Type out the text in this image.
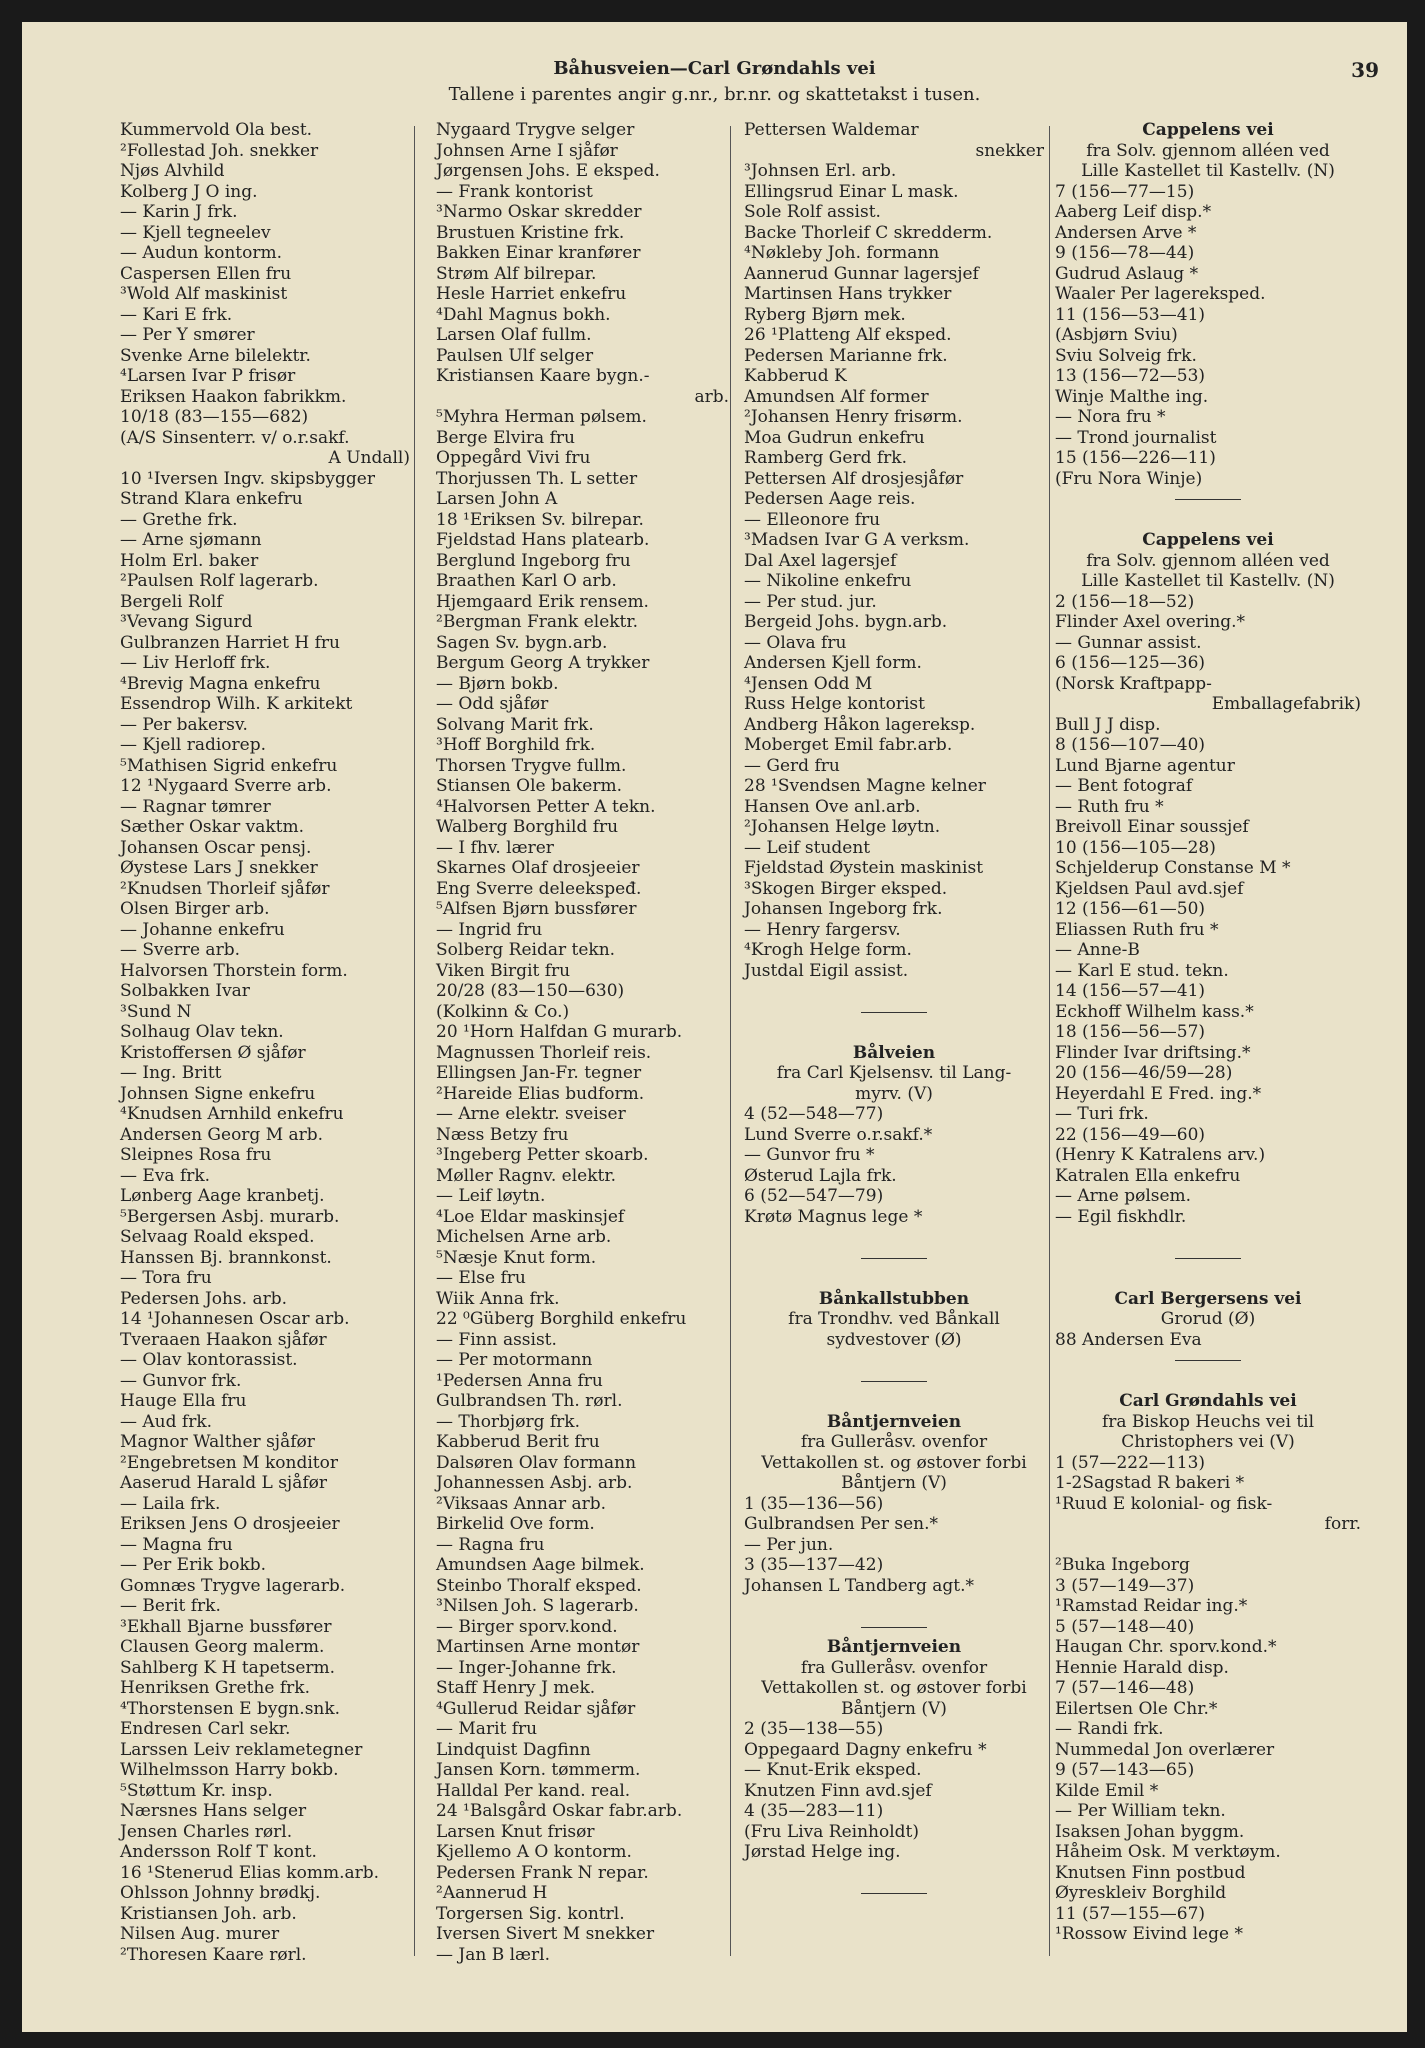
Båhusveien—Carl Grøndahls vei
Tallene i parentes angir g.nr., br.nr. og skattetakst i tusen.
39
Kummervold Ola best.
²Follestad Joh. snekker
Njøs Alvhild
Kolberg J O ing.
— Karin J frk.
— Kjell tegneelev
— Audun kontorm.
Caspersen Ellen fru
³Wold Alf maskinist
— Kari E frk.
— Per Y smører
Svenke Arne bilelektr.
⁴Larsen Ivar P frisør
Eriksen Haakon fabrikkm.
10/18 (83—155—682)
(A/S Sinsenterr. v/ o.r.sakf.
A Undall)
10 ¹Iversen Ingv. skipsbygger
Strand Klara enkefru
— Grethe frk.
— Arne sjømann
Holm Erl. baker
²Paulsen Rolf lagerarb.
Bergeli Rolf
³Vevang Sigurd
Gulbranzen Harriet H fru
— Liv Herloff frk.
⁴Brevig Magna enkefru
Essendrop Wilh. K arkitekt
— Per bakersv.
— Kjell radiorep.
⁵Mathisen Sigrid enkefru
12 ¹Nygaard Sverre arb.
— Ragnar tømrer
Sæther Oskar vaktm.
Johansen Oscar pensj.
Øystese Lars J snekker
²Knudsen Thorleif sjåfør
Olsen Birger arb.
— Johanne enkefru
— Sverre arb.
Halvorsen Thorstein form.
Solbakken Ivar
³Sund N
Solhaug Olav tekn.
Kristoffersen Ø sjåfør
— Ing. Britt
Johnsen Signe enkefru
⁴Knudsen Arnhild enkefru
Andersen Georg M arb.
Sleipnes Rosa fru
— Eva frk.
Lønberg Aage kranbetj.
⁵Bergersen Asbj. murarb.
Selvaag Roald eksped.
Hanssen Bj. brannkonst.
— Tora fru
Pedersen Johs. arb.
14 ¹Johannesen Oscar arb.
Tveraaen Haakon sjåfør
— Olav kontorassist.
— Gunvor frk.
Hauge Ella fru
— Aud frk.
Magnor Walther sjåfør
²Engebretsen M konditor
Aaserud Harald L sjåfør
— Laila frk.
Eriksen Jens O drosjeeier
— Magna fru
— Per Erik bokb.
Gomnæs Trygve lagerarb.
— Berit frk.
³Ekhall Bjarne bussfører
Clausen Georg malerm.
Sahlberg K H tapetserm.
Henriksen Grethe frk.
⁴Thorstensen E bygn.snk.
Endresen Carl sekr.
Larssen Leiv reklametegner
Wilhelmsson Harry bokb.
⁵Støttum Kr. insp.
Nærsnes Hans selger
Jensen Charles rørl.
Andersson Rolf T kont.
16 ¹Stenerud Elias komm.arb.
Ohlsson Johnny brødkj.
Kristiansen Joh. arb.
Nilsen Aug. murer
²Thoresen Kaare rørl.
Nygaard Trygve selger
Johnsen Arne I sjåfør
Jørgensen Johs. E eksped.
— Frank kontorist
³Narmo Oskar skredder
Brustuen Kristine frk.
Bakken Einar kranfører
Strøm Alf bilrepar.
Hesle Harriet enkefru
⁴Dahl Magnus bokh.
Larsen Olaf fullm.
Paulsen Ulf selger
Kristiansen Kaare bygn.-
arb.
⁵Myhra Herman pølsem.
Berge Elvira fru
Oppegård Vivi fru
Thorjussen Th. L setter
Larsen John A
18 ¹Eriksen Sv. bilrepar.
Fjeldstad Hans platearb.
Berglund Ingeborg fru
Braathen Karl O arb.
Hjemgaard Erik rensem.
²Bergman Frank elektr.
Sagen Sv. bygn.arb.
Bergum Georg A trykker
— Bjørn bokb.
— Odd sjåfør
Solvang Marit frk.
³Hoff Borghild frk.
Thorsen Trygve fullm.
Stiansen Ole bakerm.
⁴Halvorsen Petter A tekn.
Walberg Borghild fru
— I fhv. lærer
Skarnes Olaf drosjeeier
Eng Sverre deleekspeđ.
⁵Alfsen Bjørn bussfører
— Ingrid fru
Solberg Reidar tekn.
Viken Birgit fru
20/28 (83—150—630)
(Kolkinn & Co.)
20 ¹Horn Halfdan G murarb.
Magnussen Thorleif reis.
Ellingsen Jan-Fr. tegner
²Hareide Elias budform.
— Arne elektr. sveiser
Næss Betzy fru
³Ingeberg Petter skoarb.
Møller Ragnv. elektr.
— Leif løytn.
⁴Loe Eldar maskinsjef
Michelsen Arne arb.
⁵Næsje Knut form.
— Else fru
Wiik Anna frk.
22 ⁰Güberg Borghild enkefru
— Finn assist.
— Per motormann
¹Pedersen Anna fru
Gulbrandsen Th. rørl.
— Thorbjørg frk.
Kabberud Berit fru
Dalsøren Olav formann
Johannessen Asbj. arb.
²Viksaas Annar arb.
Birkelid Ove form.
— Ragna fru
Amundsen Aage bilmek.
Steinbo Thoralf eksped.
³Nilsen Joh. S lagerarb.
— Birger sporv.kond.
Martinsen Arne montør
— Inger-Johanne frk.
Staff Henry J mek.
⁴Gullerud Reidar sjåfør
— Marit fru
Lindquist Dagfinn
Jansen Korn. tømmerm.
Halldal Per kand. real.
24 ¹Balsgård Oskar fabr.arb.
Larsen Knut frisør
Kjellemo A O kontorm.
Pedersen Frank N repar.
²Aannerud H
Torgersen Sig. kontrl.
Iversen Sivert M snekker
— Jan B lærl.
Pettersen Waldemar
snekker
³Johnsen Erl. arb.
Ellingsrud Einar L mask.
Sole Rolf assist.
Backe Thorleif C skredderm.
⁴Nøkleby Joh. formann
Aannerud Gunnar lagersjef
Martinsen Hans trykker
Ryberg Bjørn mek.
26 ¹Platteng Alf eksped.
Pedersen Marianne frk.
Kabberud K
Amundsen Alf former
²Johansen Henry frisørm.
Moa Gudrun enkefru
Ramberg Gerd frk.
Pettersen Alf drosjesjåfør
Pedersen Aage reis.
— Elleonore fru
³Madsen Ivar G A verksm.
Dal Axel lagersjef
— Nikoline enkefru
— Per stud. jur.
Bergeid Johs. bygn.arb.
— Olava fru
Andersen Kjell form.
⁴Jensen Odd M
Russ Helge kontorist
Andberg Håkon lagereksp.
Moberget Emil fabr.arb.
— Gerd fru
28 ¹Svendsen Magne kelner
Hansen Ove anl.arb.
²Johansen Helge løytn.
— Leif student
Fjeldstad Øystein maskinist
³Skogen Birger eksped.
Johansen Ingeborg frk.
— Henry fargersv.
⁴Krogh Helge form.
Justdal Eigil assist.
Bålveien
fra Carl Kjelsensv. til Lang-
myrv. (V)
4 (52—548—77)
Lund Sverre o.r.sakf.*
— Gunvor fru *
Østerud Lajla frk.
6 (52—547—79)
Krøtø Magnus lege *
Bånkallstubben
fra Trondhv. ved Bånkall
sydvestover (Ø)
Båntjernveien
fra Gulleråsv. ovenfor
Vettakollen st. og østover forbi
Båntjern (V)
1 (35—136—56)
Gulbrandsen Per sen.*
— Per jun.
3 (35—137—42)
Johansen L Tandberg agt.*
Båntjernveien
fra Gulleråsv. ovenfor
Vettakollen st. og østover forbi
Båntjern (V)
2 (35—138—55)
Oppegaard Dagny enkefru *
— Knut-Erik eksped.
Knutzen Finn avd.sjef
4 (35—283—11)
(Fru Liva Reinholdt)
Jørstad Helge ing.
Cappelens vei
fra Solv. gjennom alléen ved
Lille Kastellet til Kastellv. (N)
7 (156—77—15)
Aaberg Leif disp.*
Andersen Arve *
9 (156—78—44)
Gudrud Aslaug *
Waaler Per lagereksped.
11 (156—53—41)
(Asbjørn Sviu)
Sviu Solveig frk.
13 (156—72—53)
Winje Malthe ing.
— Nora fru *
— Trond journalist
15 (156—226—11)
(Fru Nora Winje)
Cappelens vei
fra Solv. gjennom alléen ved
Lille Kastellet til Kastellv. (N)
2 (156—18—52)
Flinder Axel overing.*
— Gunnar assist.
6 (156—125—36)
(Norsk Kraftpapp-
Emballagefabrik)
Bull J J disp.
8 (156—107—40)
Lund Bjarne agentur
— Bent fotograf
— Ruth fru *
Breivoll Einar soussjef
10 (156—105—28)
Schjelderup Constanse M *
Kjeldsen Paul avd.sjef
12 (156—61—50)
Eliassen Ruth fru *
— Anne-B
— Karl E stud. tekn.
14 (156—57—41)
Eckhoff Wilhelm kass.*
18 (156—56—57)
Flinder Ivar driftsing.*
20 (156—46/59—28)
Heyerdahl E Fred. ing.*
— Turi frk.
22 (156—49—60)
(Henry K Katralens arv.)
Katralen Ella enkefru
— Arne pølsem.
— Egil fiskhdlr.
Carl Bergersens vei
Grorud (Ø)
88 Andersen Eva
Carl Grøndahls vei
fra Biskop Heuchs vei til
Christophers vei (V)
1 (57—222—113)
1-2Sagstad R bakeri *
¹Ruud E kolonial- og fisk-
forr.
²Buka Ingeborg
3 (57—149—37)
¹Ramstad Reidar ing.*
5 (57—148—40)
Haugan Chr. sporv.kond.*
Hennie Harald disp.
7 (57—146—48)
Eilertsen Ole Chr.*
— Randi frk.
Nummedal Jon overlærer
9 (57—143—65)
Kilde Emil *
— Per William tekn.
Isaksen Johan byggm.
Håheim Osk. M verktøym.
Knutsen Finn postbud
Øyreskleiv Borghild
11 (57—155—67)
¹Rossow Eivind lege *
